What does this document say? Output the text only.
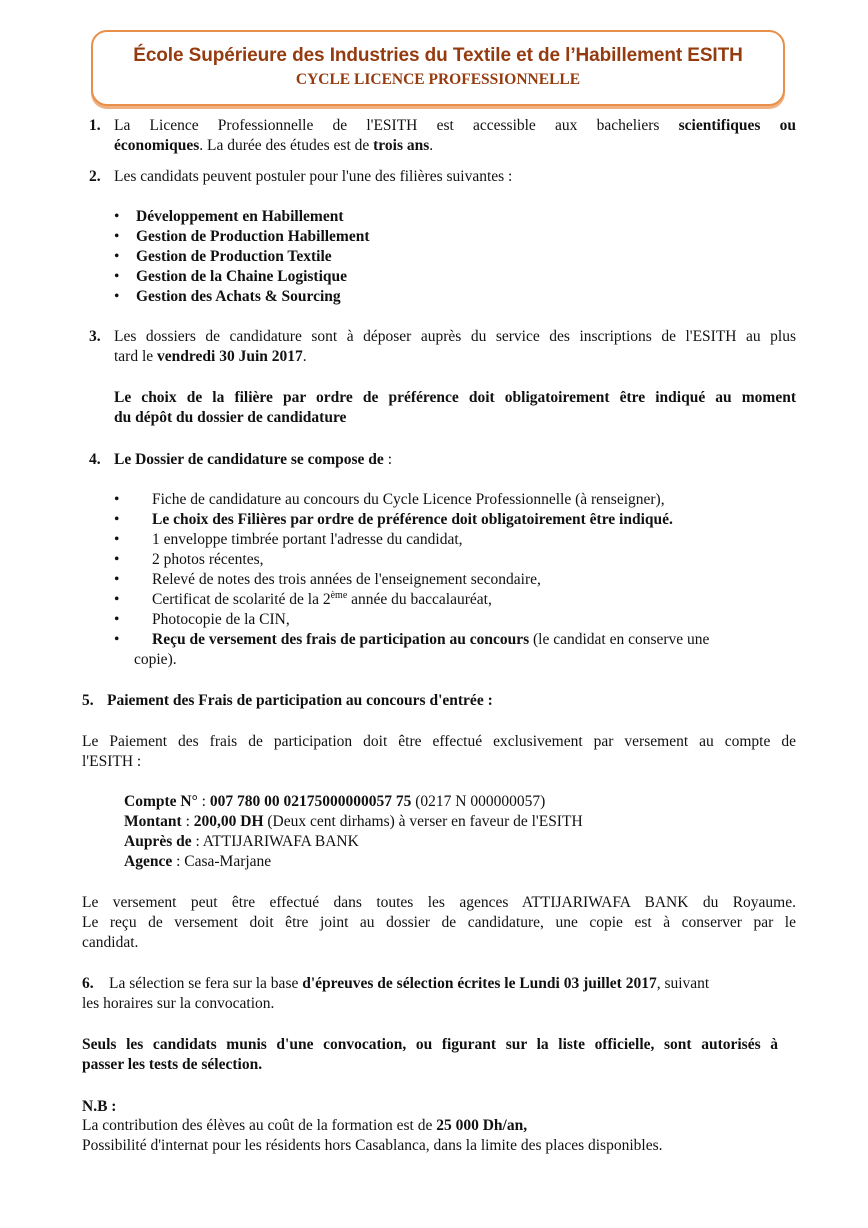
École Supérieure des Industries du Textile et de l’Habillement ESITH
CYCLE LICENCE PROFESSIONNELLE
1. La Licence Professionnelle de l'ESITH est accessible aux bacheliers scientifiques ou
économiques. La durée des études est de trois ans.
2. Les candidats peuvent postuler pour l'une des filières suivantes :
• Développement en Habillement
• Gestion de Production Habillement
• Gestion de Production Textile
• Gestion de la Chaine Logistique
• Gestion des Achats & Sourcing
3. Les dossiers de candidature sont à déposer auprès du service des inscriptions de l'ESITH au plus
tard le vendredi 30 Juin 2017.
Le choix de la filière par ordre de préférence doit obligatoirement être indiqué au moment
du dépôt du dossier de candidature
4. Le Dossier de candidature se compose de :
• Fiche de candidature au concours du Cycle Licence Professionnelle (à renseigner),
• Le choix des Filières par ordre de préférence doit obligatoirement être indiqué.
• 1 enveloppe timbrée portant l'adresse du candidat,
• 2 photos récentes,
• Relevé de notes des trois années de l'enseignement secondaire,
• Certificat de scolarité de la 2ème année du baccalauréat,
• Photocopie de la CIN,
• Reçu de versement des frais de participation au concours (le candidat en conserve une
copie).
5. Paiement des Frais de participation au concours d'entrée :
Le Paiement des frais de participation doit être effectué exclusivement par versement au compte de
l'ESITH :
Compte N° : 007 780 00 02175000000057 75 (0217 N 000000057)
Montant : 200,00 DH (Deux cent dirhams) à verser en faveur de l'ESITH
Auprès de : ATTIJARIWAFA BANK
Agence : Casa-Marjane
Le versement peut être effectué dans toutes les agences ATTIJARIWAFA BANK du Royaume.
Le reçu de versement doit être joint au dossier de candidature, une copie est à conserver par le
candidat.
6. La sélection se fera sur la base d'épreuves de sélection écrites le Lundi 03 juillet 2017, suivant
les horaires sur la convocation.
Seuls les candidats munis d'une convocation, ou figurant sur la liste officielle, sont autorisés à
passer les tests de sélection.
N.B :
La contribution des élèves au coût de la formation est de 25 000 Dh/an,
Possibilité d'internat pour les résidents hors Casablanca, dans la limite des places disponibles.
